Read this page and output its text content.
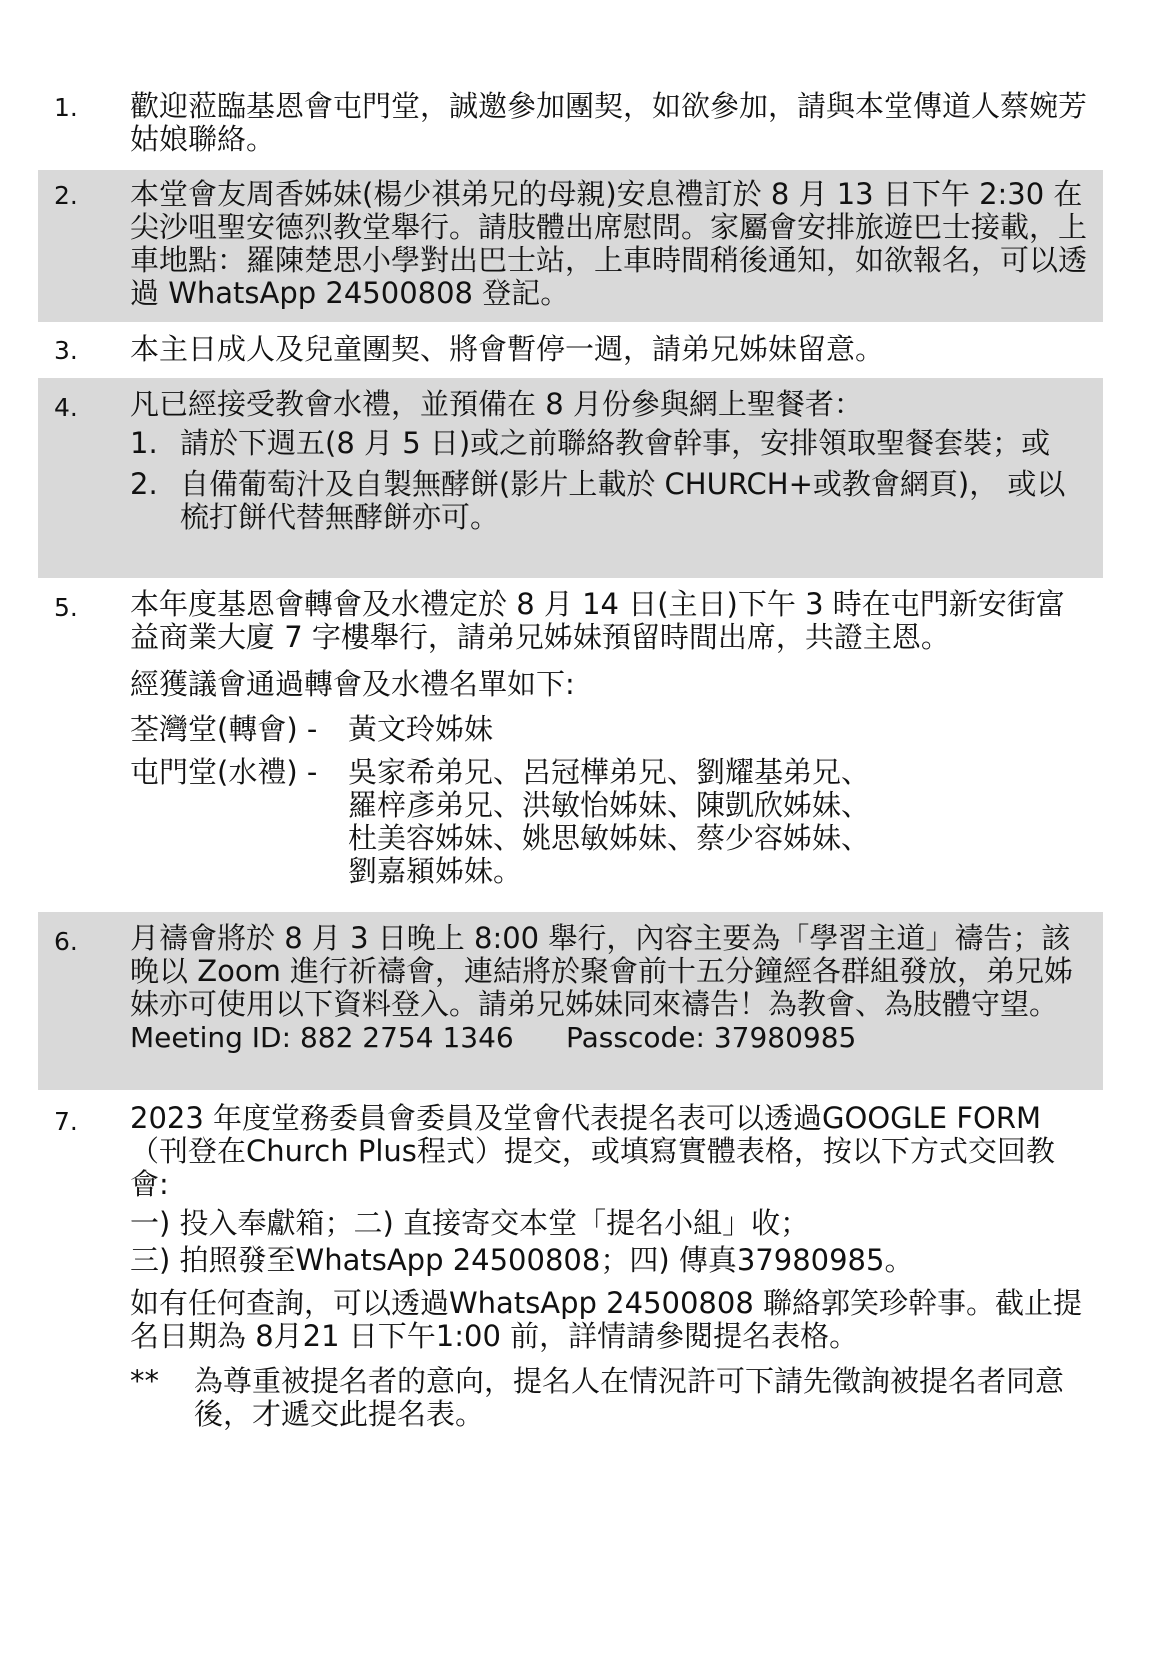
1. 歡迎蒞臨基恩會屯門堂，誠邀參加團契，如欲參加，請與本堂傳道人蔡婉芳姑娘聯絡。
2. 本堂會友周香姊妹(楊少祺弟兄的母親)安息禮訂於 8 月 13 日下午 2:30 在尖沙咀聖安德烈教堂舉行。請肢體出席慰問。家屬會安排旅遊巴士接載，上車地點：羅陳楚思小學對出巴士站，上車時間稍後通知，如欲報名，可以透過 WhatsApp 24500808 登記。
3. 本主日成人及兒童團契、將會暫停一週，請弟兄姊妹留意。
4. 凡已經接受教會水禮，並預備在 8 月份參與網上聖餐者：

1. 請於下週五(8 月 5 日)或之前聯絡教會幹事，安排領取聖餐套裝；或
2. 自備葡萄汁及自製無酵餅(影片上載於 CHURCH+或教會網頁)， 或以梳打餅代替無酵餅亦可。
5. 本年度基恩會轉會及水禮定於 8 月 14 日(主日)下午 3 時在屯門新安街富益商業大廈 7 字樓舉行，請弟兄姊妹預留時間出席，共證主恩。

經獲議會通過轉會及水禮名單如下:

荃灣堂(轉會) -	黃文玲姊妹
屯門堂(水禮) -	吳家希弟兄、呂冠樺弟兄、劉耀基弟兄、
羅梓彥弟兄、洪敏怡姊妹、陳凱欣姊妹、
杜美容姊妹、姚思敏姊妹、蔡少容姊妹、
劉嘉潁姊妹。
6. 月禱會將於 8 月 3 日晚上 8:00 舉行，內容主要為「學習主道」禱告；該晚以 Zoom 進行祈禱會，連結將於聚會前十五分鐘經各群組發放，弟兄姊妹亦可使用以下資料登入。請弟兄姊妹同來禱告！為教會、為肢體守望。

Meeting ID: 882 2754 1346	Passcode: 37980985
7. 2023 年度堂務委員會委員及堂會代表提名表可以透過GOOGLE FORM（刊登在Church Plus程式）提交，或填寫實體表格，按以下方式交回教會:

一) 投入奉獻箱；二) 直接寄交本堂「提名小組」收；

三) 拍照發至WhatsApp 24500808；四) 傳真37980985。

如有任何查詢，可以透過WhatsApp 24500808 聯絡郭笑珍幹事。截止提名日期為 8月21 日下午1:00 前，詳情請參閱提名表格。

**	為尊重被提名者的意向，提名人在情況許可下請先徵詢被提名者同意後，才遞交此提名表。
